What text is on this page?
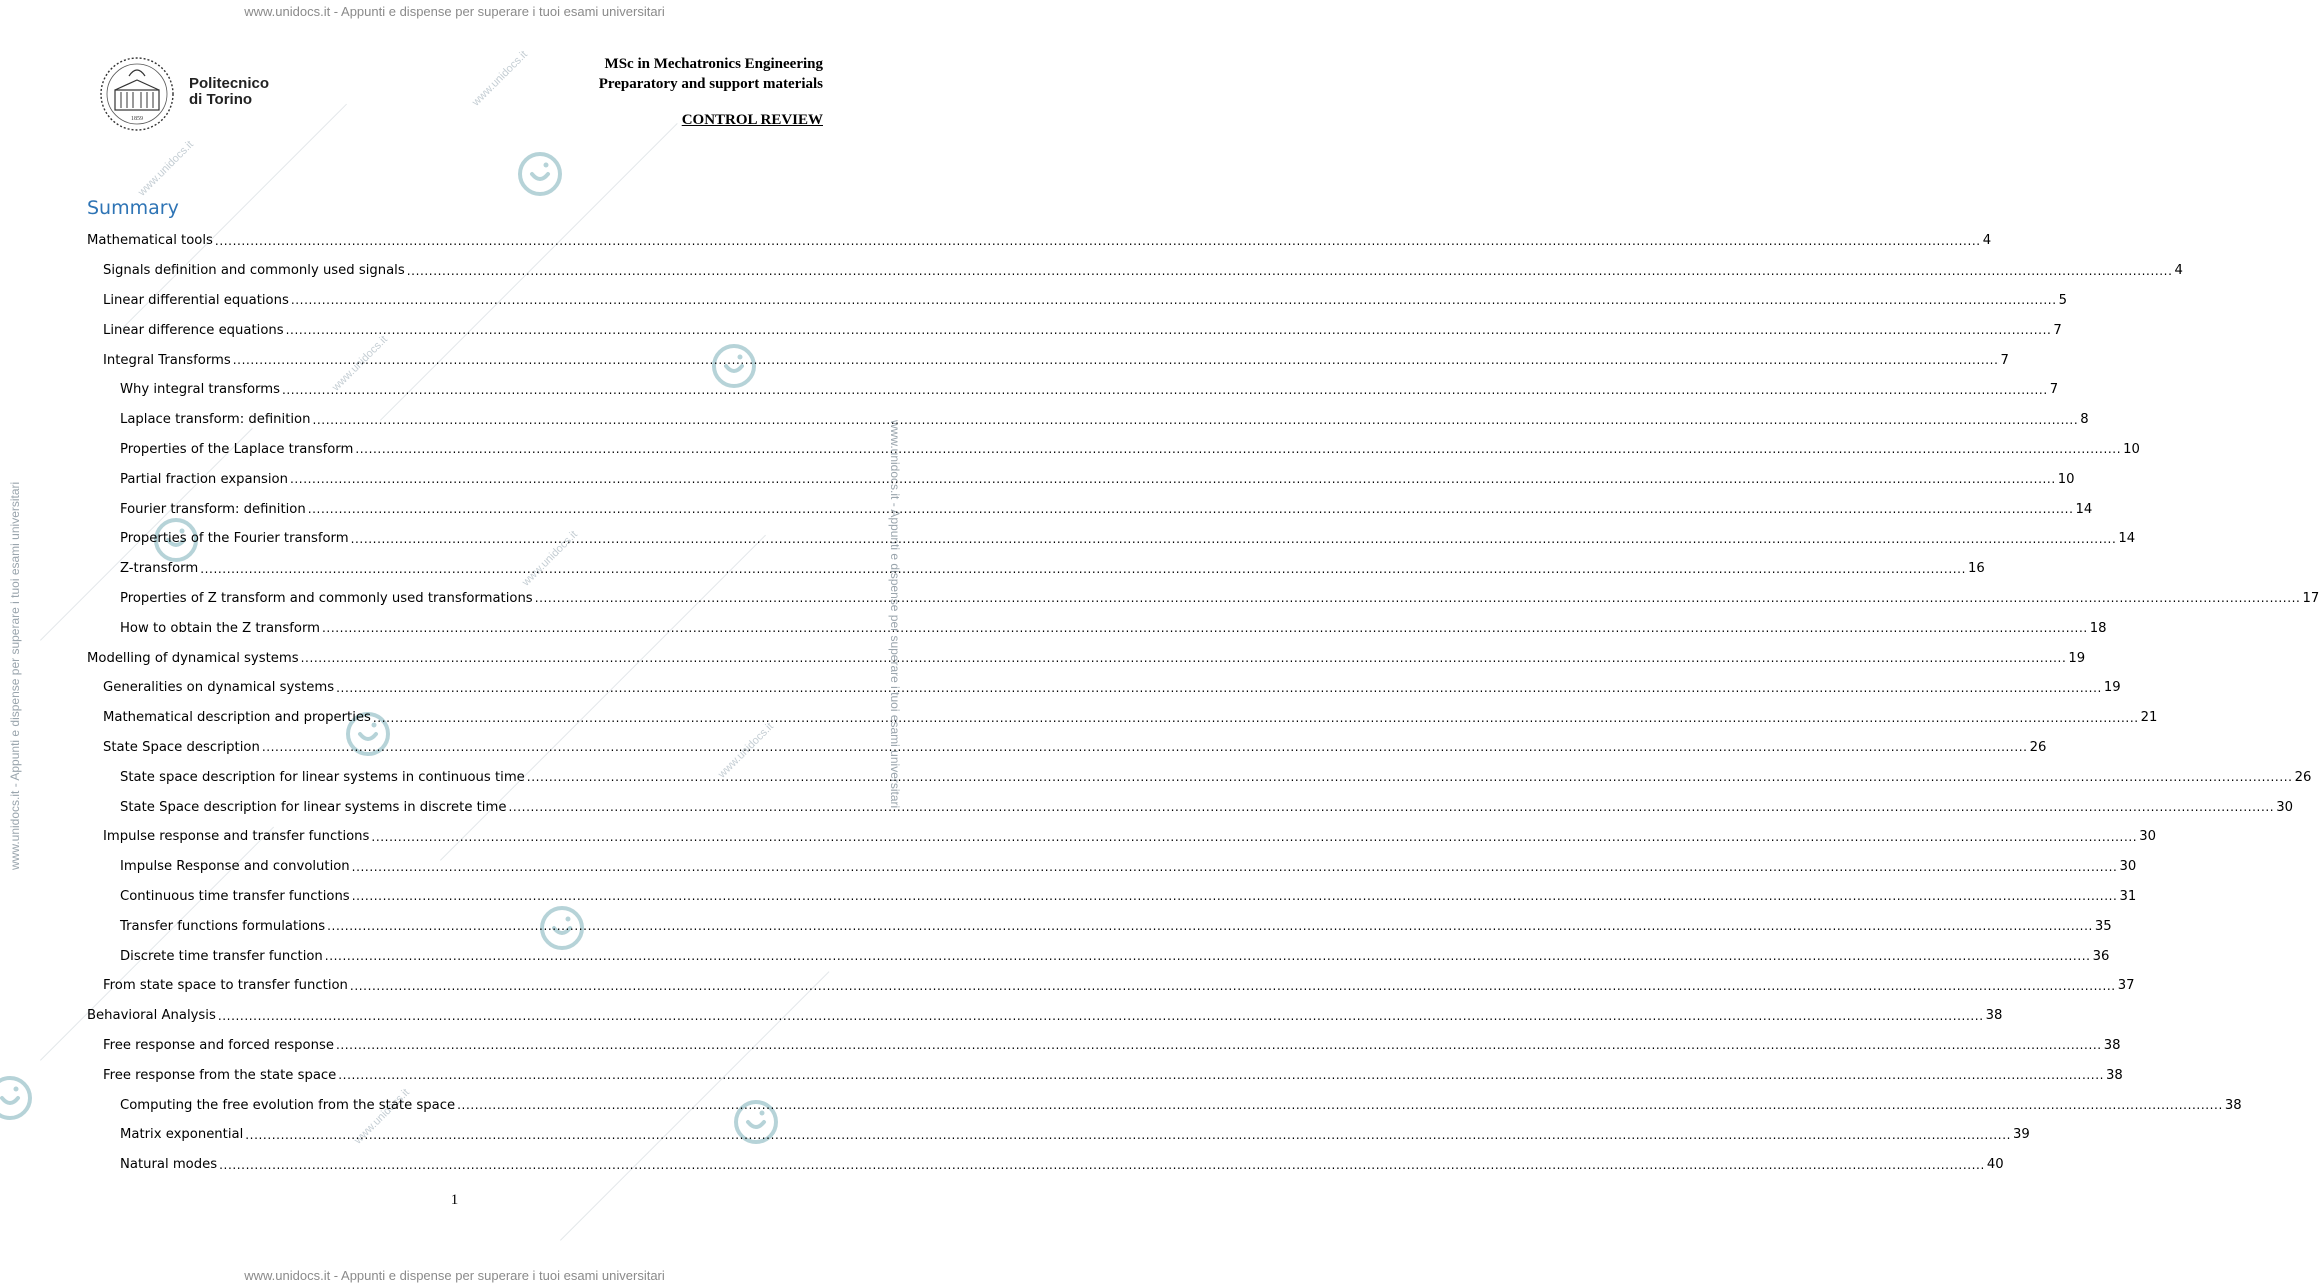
www.unidocs.it
www.unidocs.it
www.unidocs.it
www.unidocs.it
www.unidocs.it
www.unidocs.it
www.unidocs.it - Appunti e dispense per superare i tuoi esami universitari
www.unidocs.it - Appunti e dispense per superare i tuoi esami universitari
www.unidocs.it - Appunti e dispense per superare i tuoi esami universitari	www.unidocs.it - Appunti e dispense per superare i tuoi esami universitari
1859
Politecnico
di Torino
MSc in Mechatronics Engineering
Preparatory and support materials
CONTROL REVIEW
Summary
Mathematical tools ................................................................................................................................................................................................................................................................................................................................................................................................................ 4
Signals definition and commonly used signals ................................................................................................................................................................................................................................................................................................................................................................................................................ 4
Linear differential equations ................................................................................................................................................................................................................................................................................................................................................................................................................ 5
Linear difference equations ................................................................................................................................................................................................................................................................................................................................................................................................................ 7
Integral Transforms ................................................................................................................................................................................................................................................................................................................................................................................................................ 7
Why integral transforms ................................................................................................................................................................................................................................................................................................................................................................................................................ 7
Laplace transform: definition ................................................................................................................................................................................................................................................................................................................................................................................................................ 8
Properties of the Laplace transform ................................................................................................................................................................................................................................................................................................................................................................................................................ 10
Partial fraction expansion ................................................................................................................................................................................................................................................................................................................................................................................................................ 10
Fourier transform: definition ................................................................................................................................................................................................................................................................................................................................................................................................................ 14
Properties of the Fourier transform ................................................................................................................................................................................................................................................................................................................................................................................................................ 14
Z-transform ................................................................................................................................................................................................................................................................................................................................................................................................................ 16
Properties of Z transform and commonly used transformations ................................................................................................................................................................................................................................................................................................................................................................................................................ 17
How to obtain the Z transform ................................................................................................................................................................................................................................................................................................................................................................................................................ 18
Modelling of dynamical systems ................................................................................................................................................................................................................................................................................................................................................................................................................ 19
Generalities on dynamical systems ................................................................................................................................................................................................................................................................................................................................................................................................................ 19
Mathematical description and properties ................................................................................................................................................................................................................................................................................................................................................................................................................ 21
State Space description ................................................................................................................................................................................................................................................................................................................................................................................................................ 26
State space description for linear systems in continuous time ................................................................................................................................................................................................................................................................................................................................................................................................................ 26
State Space description for linear systems in discrete time ................................................................................................................................................................................................................................................................................................................................................................................................................ 30
Impulse response and transfer functions ................................................................................................................................................................................................................................................................................................................................................................................................................ 30
Impulse Response and convolution ................................................................................................................................................................................................................................................................................................................................................................................................................ 30
Continuous time transfer functions ................................................................................................................................................................................................................................................................................................................................................................................................................ 31
Transfer functions formulations ................................................................................................................................................................................................................................................................................................................................................................................................................ 35
Discrete time transfer function ................................................................................................................................................................................................................................................................................................................................................................................................................ 36
From state space to transfer function ................................................................................................................................................................................................................................................................................................................................................................................................................ 37
Behavioral Analysis ................................................................................................................................................................................................................................................................................................................................................................................................................ 38
Free response and forced response ................................................................................................................................................................................................................................................................................................................................................................................................................ 38
Free response from the state space ................................................................................................................................................................................................................................................................................................................................................................................................................ 38
Computing the free evolution from the state space ................................................................................................................................................................................................................................................................................................................................................................................................................ 38
Matrix exponential ................................................................................................................................................................................................................................................................................................................................................................................................................ 39
Natural modes ................................................................................................................................................................................................................................................................................................................................................................................................................ 40
1
